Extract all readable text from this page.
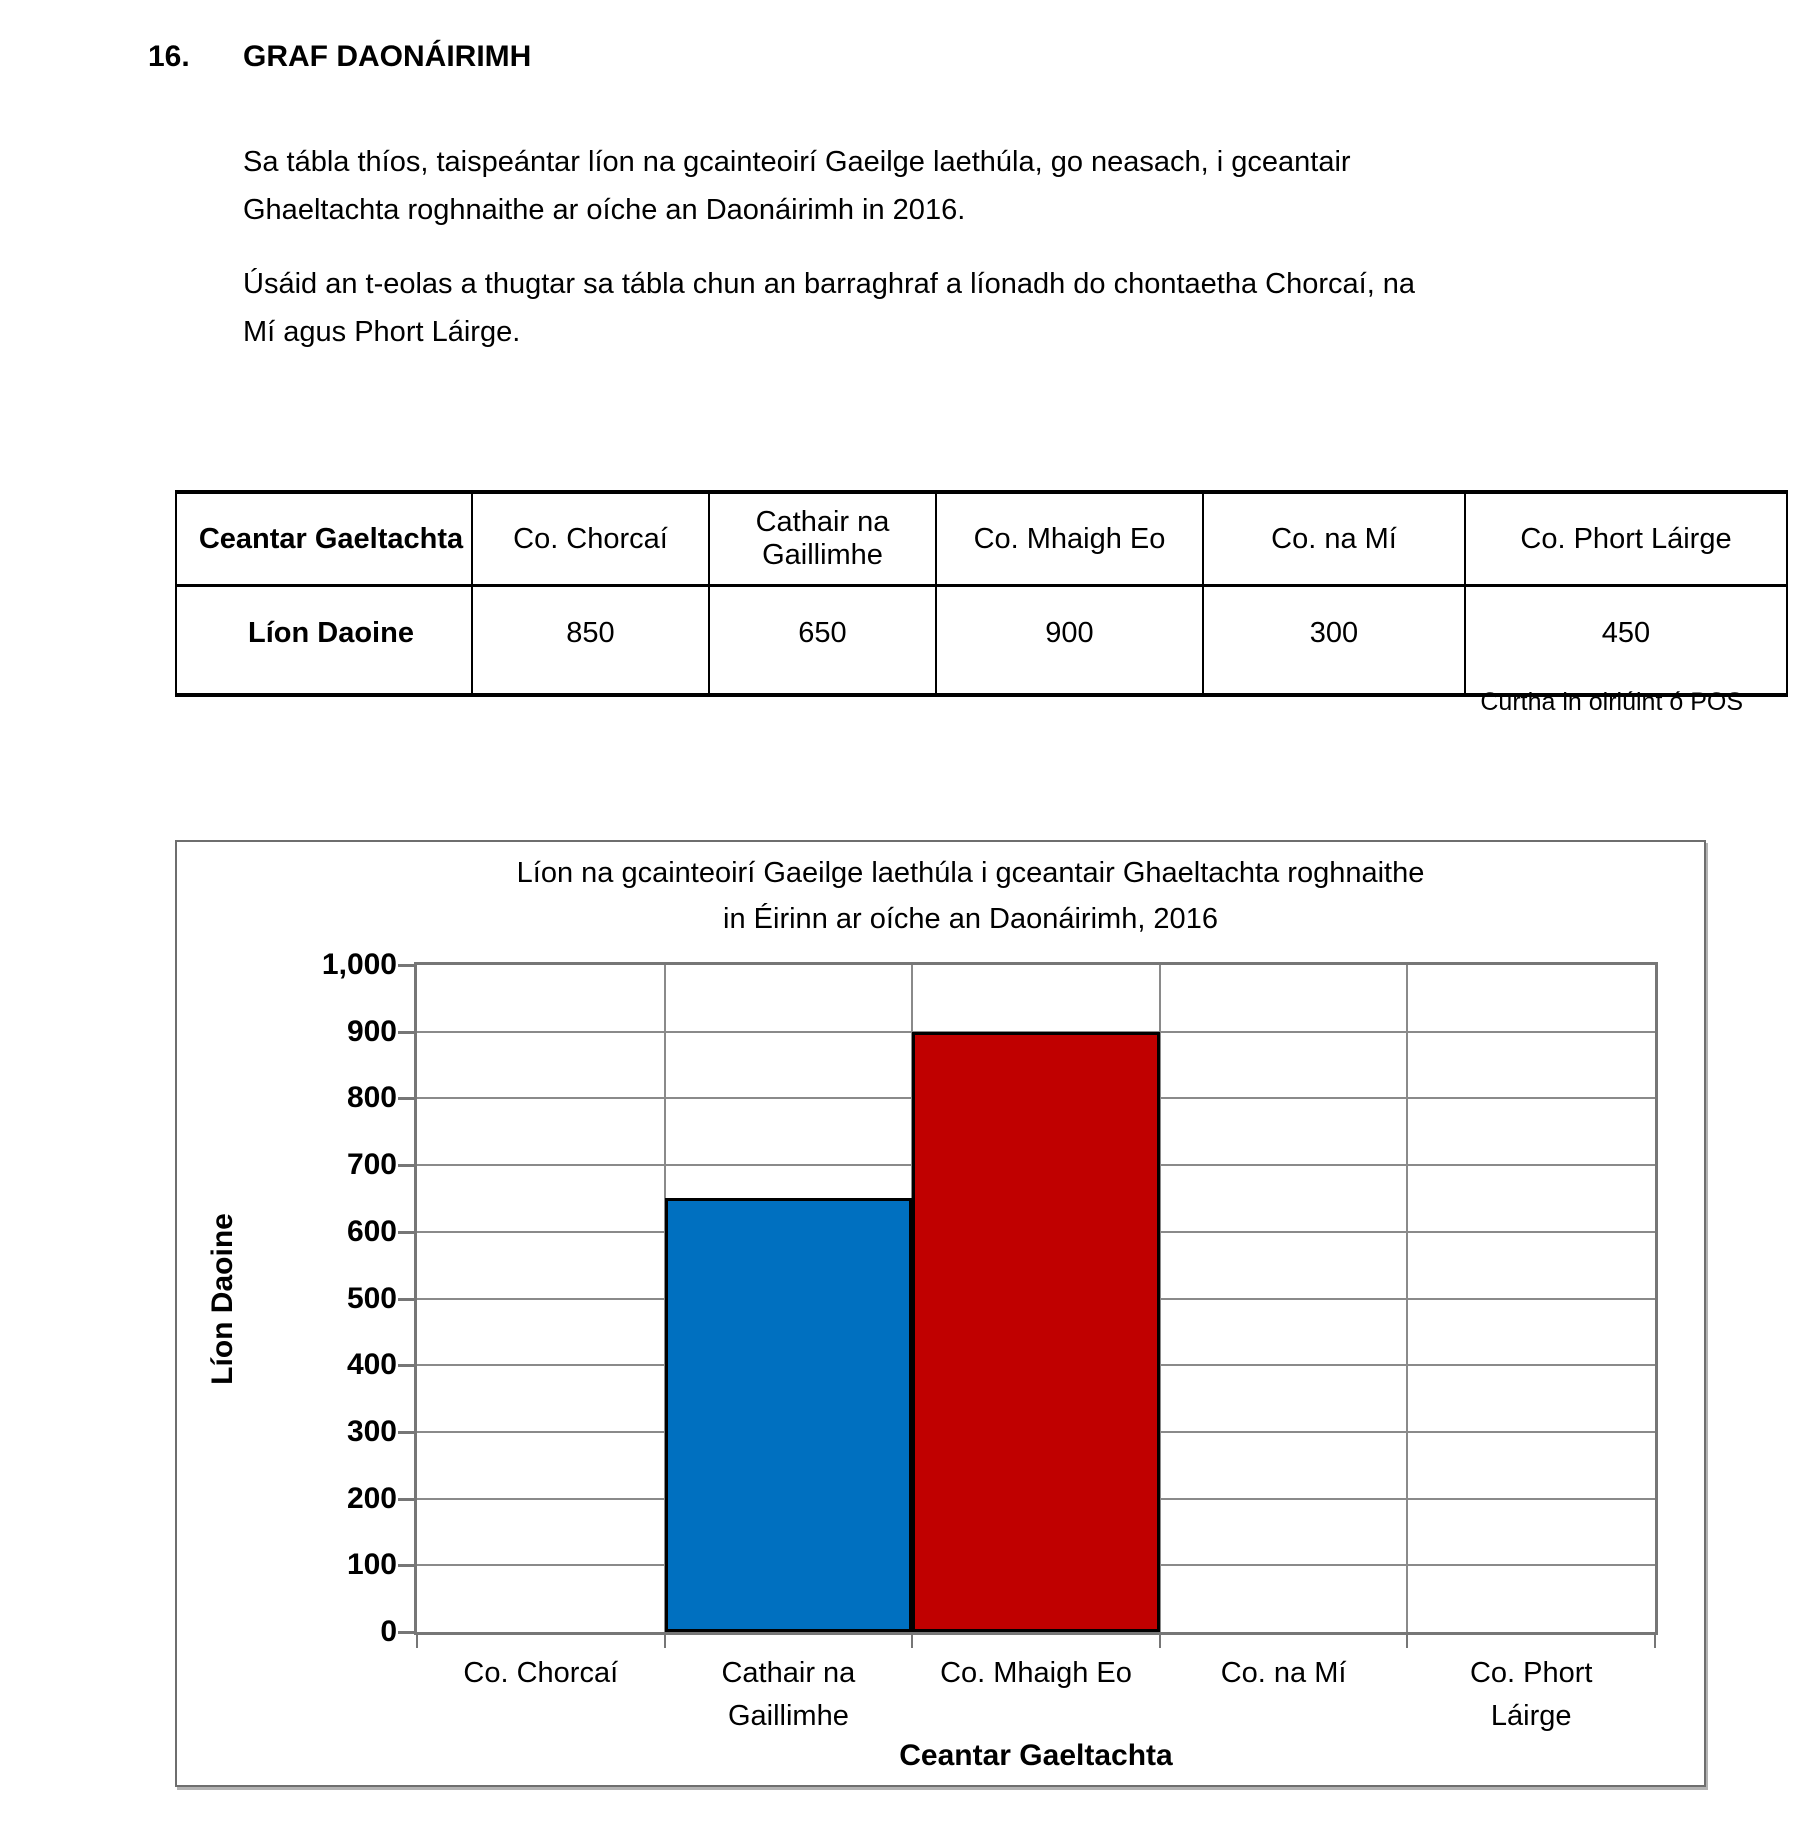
16. GRAF DAONÁIRIMH
Sa tábla thíos, taispeántar líon na gcainteoirí Gaeilge laethúla, go neasach, i gceantair
Ghaeltachta roghnaithe ar oíche an Daonáirimh in 2016.
Úsáid an t-eolas a thugtar sa tábla chun an barraghraf a líonadh do chontaetha Chorcaí, na
Mí agus Phort Láirge.
Ceantar Gaeltachta	Co. Chorcaí	Cathair na Gaillimhe	Co. Mhaigh Eo	Co. na Mí	Co. Phort Láirge
Líon Daoine	850	650	900	300	450
Curtha in oiriúint ó POS
Líon na gcainteoirí Gaeilge laethúla i gceantair Ghaeltachta roghnaithe
in Éirinn ar oíche an Daonáirimh, 2016
Ceantar Gaeltachta
Líon Daoine
0
100
200
300
400
500
600
700
800
900
1,000
Co. Chorcaí	Cathair na
Gaillimhe
Co. Mhaigh Eo	Co. na Mí	Co. Phort
Láirge
